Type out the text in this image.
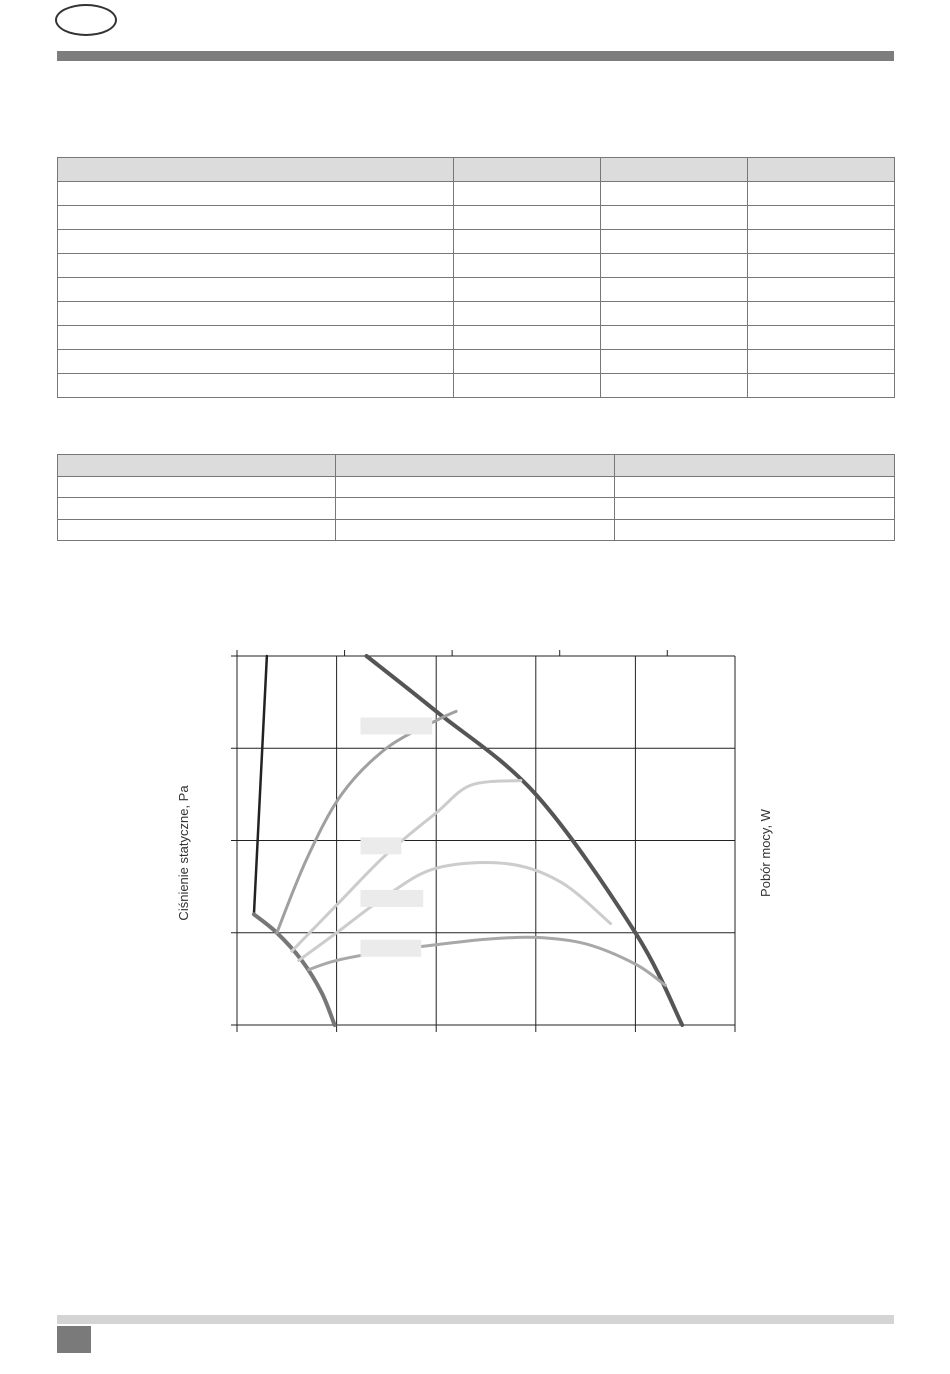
Ciśnienie statyczne, Pa	Pobór mocy, W
